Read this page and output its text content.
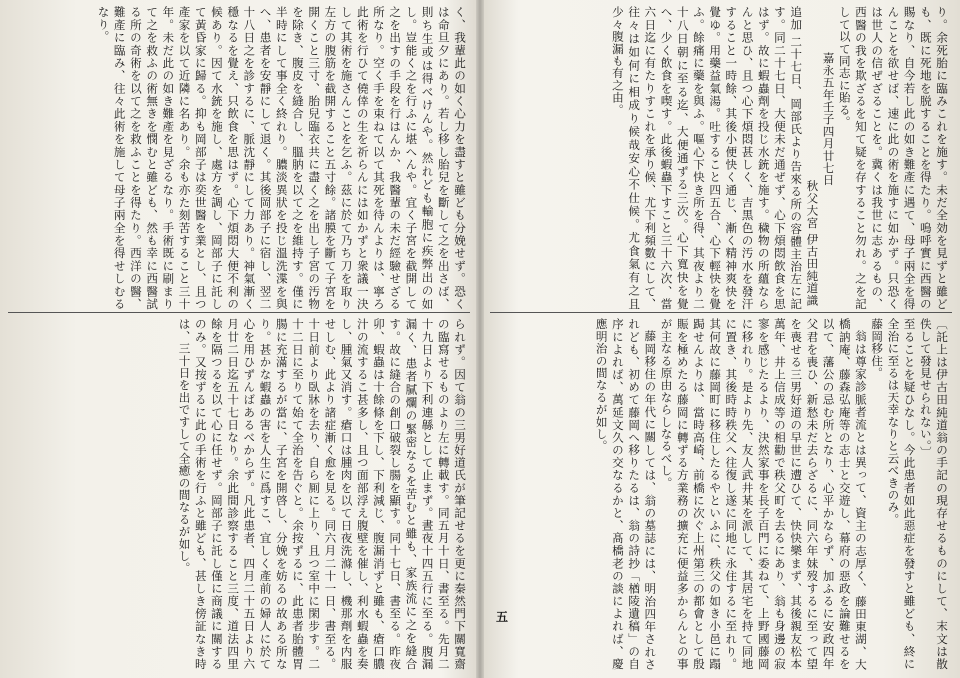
く、我輩此の如く心力を盡すと雖ども分娩せず。恐くは命旦夕にあり。若し移し胎兒を斷して之を出さば、則ち生或は得べけんや。然れども輸胞に疾弊出の如し。豈能く之を行ふに堪へんや。宜く子宮を截開して之を出すの手段を行はんか、我醫輩の未だ經驗せざる所なり。空く手を束ねて以て其死を待んよりは、寧ろ此術を行ひて僥倖の生を祈らんには如かずと衆議一決して其術を施さんことを乞ふ。茲に於て乃ち刀を取り左方の腹筋を截開すること五寸餘。諸膜を斷て子宮を開くこと三寸、胎兒臨衣共に盡く之を出し子宮の汚物を除き、腹皮を縫合し、膃肭を以て之を維持す。僅に半時にして事全く終れり。膿淡異狀を投じ溫洗渫を與へ、患者を安靜にして退く。其後岡部子に宿し、翌二十八日之を診するに、脈沈靜にして力あり。神氣漸く穩なるを覺え、只飲食を思はず。心下煩悶大便不利の候あり。因て水銃を施し、處方を調し、岡部子に託して黃昏家に歸る。抑も岡部子は奕世醫を業とし、且つ產家を以て近隣に名あり。余も亦た刻苦すること三十年。未だ此の如き難產を見ざるなり。手術既に刷まりて之を救ふの術無きを憫むと雖ども、然も幸に西醫試る所の奇術を以て之を救ふことを得たり。西洋の醫、難產に臨み、往々此術を施して母子兩全を得せしむるなり。
られず。因て翁の三男好道氏が筆記せるを更に秦然門下關寬齋の臨寫せるものより左に轉載す。同五月十日、書至る。先月二十九日より下利連緜として止まず。晝夜十四五行に至る。腹漏漏く、患者膩爛の緊密なるを苦むと雖も、家族流に之を縫合す。故に縫合の創口破裂し腸を顯す。同十七日、書至る。昨夜卯、蝦蟲は十餘條を下し、下利減じ、腹漏消ずと雖も、瘡口膿汁の流するこ甚多し、且つ面部浮え腹壁を催し、利水蝦蟲を奏し、腫氣又消す。瘡口は腫肉を以て日夜洗滌し、機那劑を内服せしむ、此より諸症漸く愈を見る。同六月二十一日、書至る。十日前より臥牀を去り、自ら厠に上り、且つ室中に閑步す。二十二日に至りて始て全治を告ぐと。余按ずるに、此患者胎體胃腸に充滿するが當に、子宮を開啓し、分娩を妨るの故ある所なり。甚かな蝦蟲の害を人生に爲すこ、宜しく產前の婦人に於て心を用ひずんばあるべからず。凡此患者、四月二十五日より六月廿二日迄五十七日なり。余此間診察すること三度、道法四里餘を隔つるを以て心に任せず。岡部子に託し僅に商議に關するのみ。又按ずるに此の手術を行ふと雖ども、甚しき傍証なき時は、三十日を出ですして全癒の間なるが如し。
り。余死胎に臨みこれを施す。未だ全効を見ずと雖ども、既に死地を脱することを得たり。嗚呼實に西醫の賜なり、自今若し此の如き難產に遇て、母子兩全を得んことを欲せば、速に此の術を施すに如かず。只恐くは世人の信ぜざることを。冀くは我世に志あるもの、西醫の我を欺ざるを知て疑を存すること勿れ。之を記して以て同志に貽る。
嘉永五年壬子四月廿七日
秋父大宮 伊古田純道識
追加 二十七日、岡部氏より告來る所の容體主治左に記す。同二十七日、大便未だ通ぜず、心下煩悶飲食を思はず。故に蝦蟲劑を投じ水銃を施す。穢物の所蘊ならんと思ひ、且つ心下煩悶甚しく、吉黒色の汚水を發汗すること一時餘、其後小便快く通じ、漸く精神爽快を覺ゆ。用藥益氣湯。吐すること四五合、心下輕快を覺ふ。餘痛に藥を與ふ。嘔心下快き所を得、其夜より二十八日朝に至る迄、大便通ずる三次。心下寬快を覺へ、少く飲食を喫す。此後蝦蟲下すこと三十六次、當六日迄に有たりすこれを承り候、尤下利頻數にして、往々は如何に相成り候哉安心不仕候。尤食氣有之且少々腹漏も有之由。
〔託上は伊古田純道翁の手記の現存せるものにして、末文は散佚して發見せられない。〕
至ることを疑ひなし。今此患者如此惡症を發すと雖ども、終に全治に至るは天幸なりと云べきのみ。
藤岡移住。
翁は尊家診脈者流とは異って、資主の志厚く、藤田東湖、大橋訥庵、藤森弘庵等の志士と交遊し、幕府の惡政を論難せるを以て、藩公の忌む所となり、心平かならず、加ふるに安政四年父君を喪ひ、新愁未だ去らざるに、同六年妹歿するに至って望を喪せる三男好道の早世に遭ひて、快快樂まず、其後親友松本萬年、井上信成等の相勸で秩父町を去るにあり、翁も身邊の寂寥を感じたるより、決然家事を長子百門に委ねて、上野國藤岡に移れり。是より先、友人武井某を派して、其居宅を持て同地に置き、其後時時秩父へ往復し遂に同地に永住するに至れり。其何故に藤岡町に移住したるやといふに、秩父の如き小邑に蹋跼せんよりは、當時高崎、前橋に次ぐ上州第三の都會として殷賑を極めたる藤岡に轉ずる方業務の擴充に便益多からんとの事が主なる原由ならしなるべし。
藤岡移住の年代に關しては、翁の墓誌には、明治四年されされども、初めて藤岡へ移りたるは、翁の詩抄「楢陵遺稿」の自序によれば、萬延文久の交なるかと、髙橋老の談によれば、慶應明治の間なるが如し。
五
